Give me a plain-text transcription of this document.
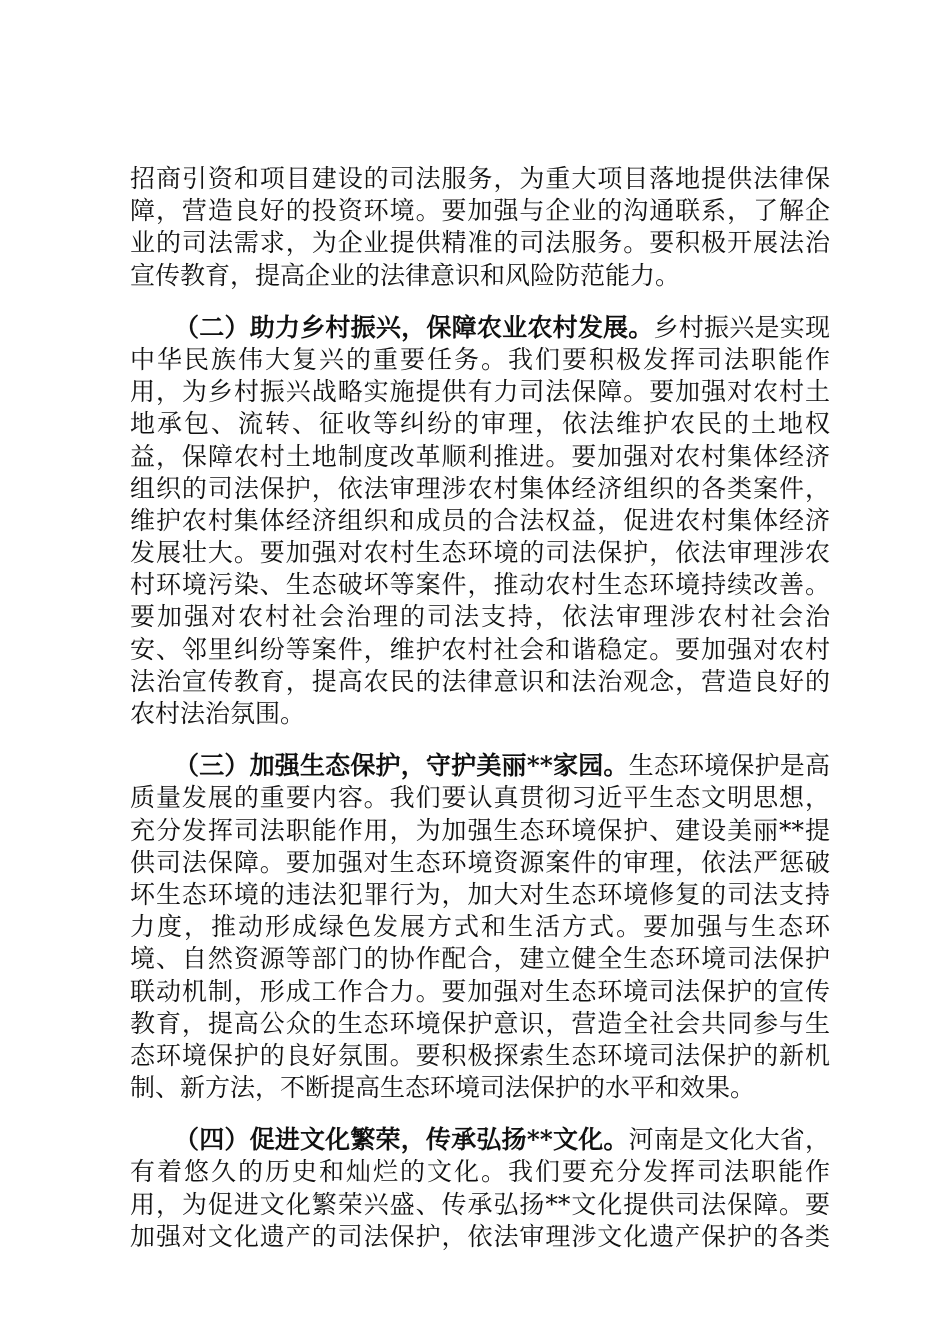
招商引资和项目建设的司法服务，为重大项目落地提供法律保
障，营造良好的投资环境。要加强与企业的沟通联系，了解企
业的司法需求，为企业提供精准的司法服务。要积极开展法治
宣传教育，提高企业的法律意识和风险防范能力。
（二）助力乡村振兴，保障农业农村发展。乡村振兴是实现
中华民族伟大复兴的重要任务。我们要积极发挥司法职能作
用，为乡村振兴战略实施提供有力司法保障。要加强对农村土
地承包、流转、征收等纠纷的审理，依法维护农民的土地权
益，保障农村土地制度改革顺利推进。要加强对农村集体经济
组织的司法保护，依法审理涉农村集体经济组织的各类案件，
维护农村集体经济组织和成员的合法权益，促进农村集体经济
发展壮大。要加强对农村生态环境的司法保护，依法审理涉农
村环境污染、生态破坏等案件，推动农村生态环境持续改善。
要加强对农村社会治理的司法支持，依法审理涉农村社会治
安、邻里纠纷等案件，维护农村社会和谐稳定。要加强对农村
法治宣传教育，提高农民的法律意识和法治观念，营造良好的
农村法治氛围。
（三）加强生态保护，守护美丽**家园。生态环境保护是高
质量发展的重要内容。我们要认真贯彻习近平生态文明思想，
充分发挥司法职能作用，为加强生态环境保护、建设美丽**提
供司法保障。要加强对生态环境资源案件的审理，依法严惩破
坏生态环境的违法犯罪行为，加大对生态环境修复的司法支持
力度，推动形成绿色发展方式和生活方式。要加强与生态环
境、自然资源等部门的协作配合，建立健全生态环境司法保护
联动机制，形成工作合力。要加强对生态环境司法保护的宣传
教育，提高公众的生态环境保护意识，营造全社会共同参与生
态环境保护的良好氛围。要积极探索生态环境司法保护的新机
制、新方法，不断提高生态环境司法保护的水平和效果。
（四）促进文化繁荣，传承弘扬**文化。河南是文化大省，
有着悠久的历史和灿烂的文化。我们要充分发挥司法职能作
用，为促进文化繁荣兴盛、传承弘扬**文化提供司法保障。要
加强对文化遗产的司法保护，依法审理涉文化遗产保护的各类
